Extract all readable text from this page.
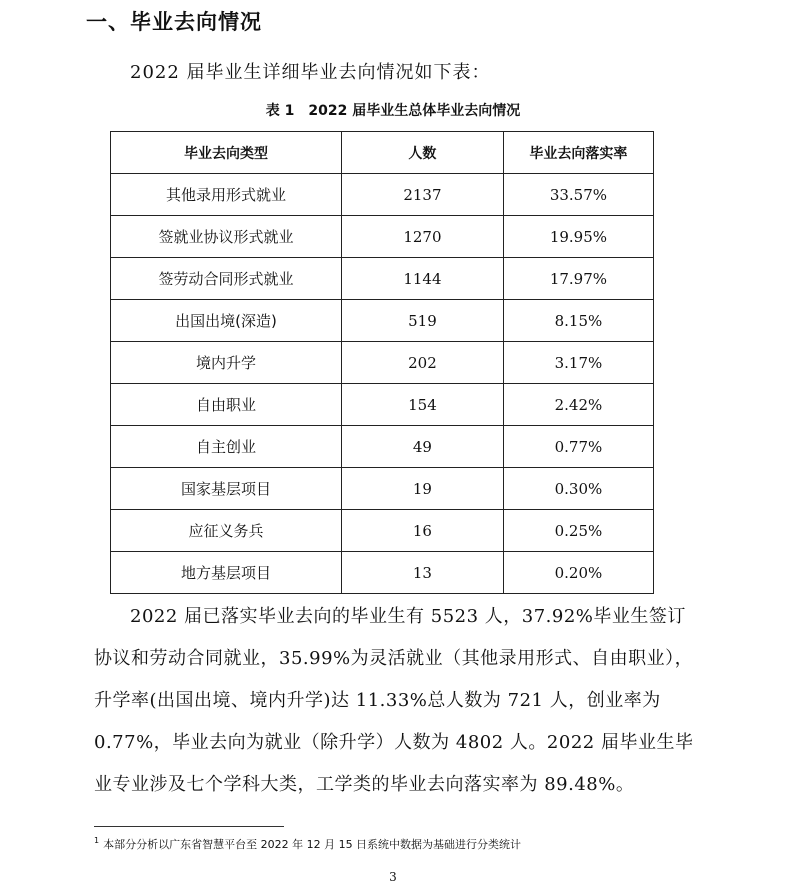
一、毕业去向情况
2022 届毕业生详细毕业去向情况如下表：
表 1　2022 届毕业生总体毕业去向情况
毕业去向类型	人数	毕业去向落实率
其他录用形式就业	2137	33.57%
签就业协议形式就业	1270	19.95%
签劳动合同形式就业	1144	17.97%
出国出境(深造)	519	8.15%
境内升学	202	3.17%
自由职业	154	2.42%
自主创业	49	0.77%
国家基层项目	19	0.30%
应征义务兵	16	0.25%
地方基层项目	13	0.20%
2022 届已落实毕业去向的毕业生有 5523 人，37.92%毕业生签订
协议和劳动合同就业，35.99%为灵活就业（其他录用形式、自由职业），
升学率(出国出境、境内升学)达 11.33%总人数为 721 人，创业率为
0.77%，毕业去向为就业（除升学）人数为 4802 人。2022 届毕业生毕
业专业涉及七个学科大类，工学类的毕业去向落实率为 89.48%。
$^1$ 本部分分析以广东省智慧平台至 2022 年 12 月 15 日系统中数据为基础进行分类统计
3
